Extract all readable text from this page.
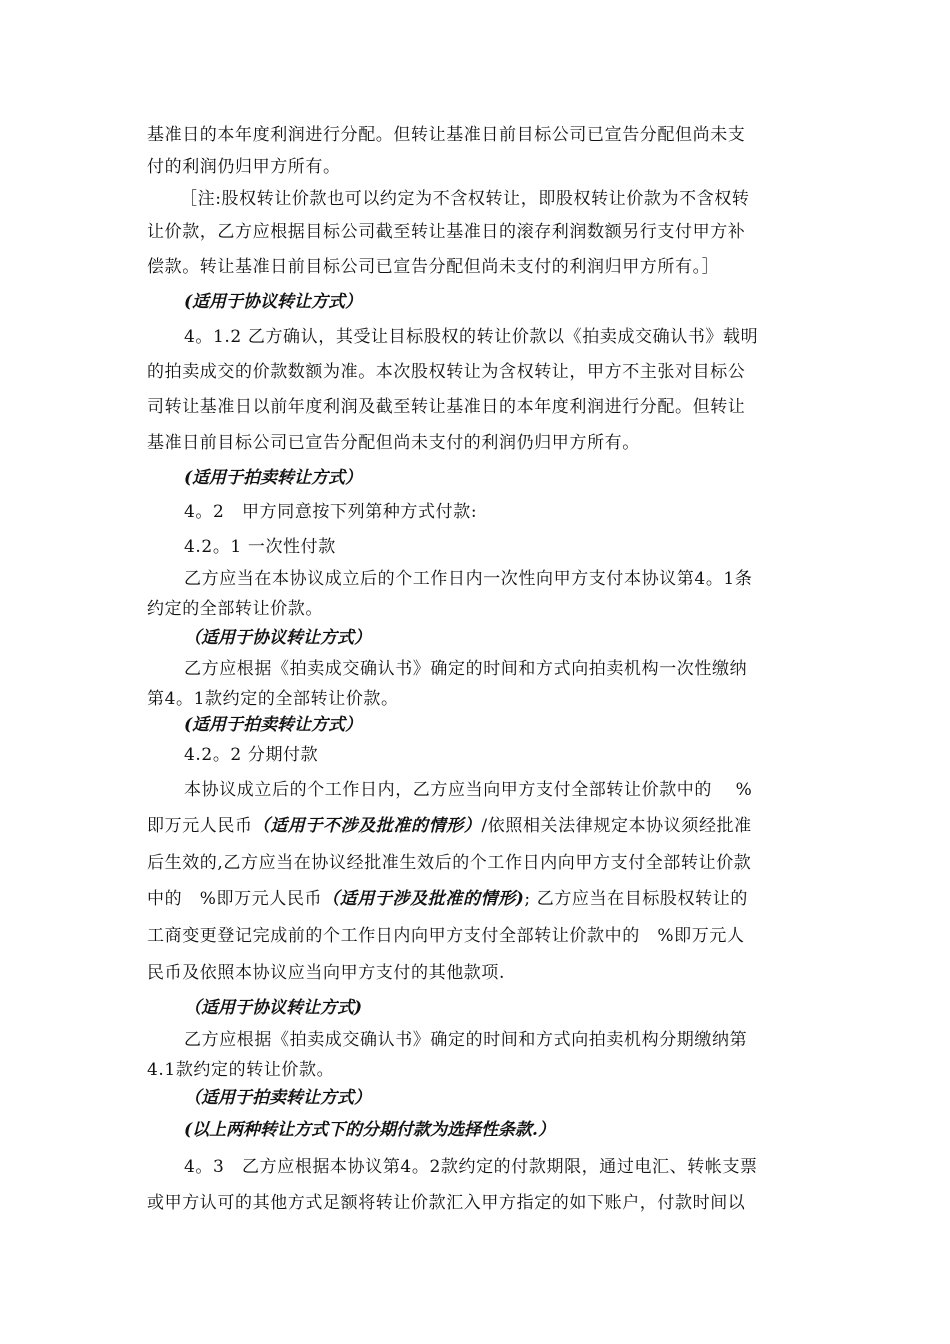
基准日的本年度利润进行分配。但转让基准日前目标公司已宣告分配但尚未支
付的利润仍归甲方所有。
［注:股权转让价款也可以约定为不含权转让，即股权转让价款为不含权转
让价款，乙方应根据目标公司截至转让基准日的滚存利润数额另行支付甲方补
偿款。转让基准日前目标公司已宣告分配但尚未支付的利润归甲方所有。］
(适用于协议转让方式）
4。1.2 乙方确认，其受让目标股权的转让价款以《拍卖成交确认书》载明
的拍卖成交的价款数额为准。本次股权转让为含权转让，甲方不主张对目标公
司转让基准日以前年度利润及截至转让基准日的本年度利润进行分配。但转让
基准日前目标公司已宣告分配但尚未支付的利润仍归甲方所有。
(适用于拍卖转让方式）
4。2　甲方同意按下列第种方式付款:
4.2。1 一次性付款
乙方应当在本协议成立后的个工作日内一次性向甲方支付本协议第4。1条
约定的全部转让价款。
（适用于协议转让方式）
乙方应根据《拍卖成交确认书》确定的时间和方式向拍卖机构一次性缴纳
第4。1款约定的全部转让价款。
(适用于拍卖转让方式）
4.2。2 分期付款
本协议成立后的个工作日内，乙方应当向甲方支付全部转让价款中的　 %
即万元人民币（适用于不涉及批准的情形）/依照相关法律规定本协议须经批准
后生效的,乙方应当在协议经批准生效后的个工作日内向甲方支付全部转让价款
中的　%即万元人民币（适用于涉及批准的情形); 乙方应当在目标股权转让的
工商变更登记完成前的个工作日内向甲方支付全部转让价款中的　%即万元人
民币及依照本协议应当向甲方支付的其他款项.
（适用于协议转让方式)
乙方应根据《拍卖成交确认书》确定的时间和方式向拍卖机构分期缴纳第
4.1款约定的转让价款。
（适用于拍卖转让方式）
(以上两种转让方式下的分期付款为选择性条款.）
4。3　乙方应根据本协议第4。2款约定的付款期限，通过电汇、转帐支票
或甲方认可的其他方式足额将转让价款汇入甲方指定的如下账户，付款时间以
